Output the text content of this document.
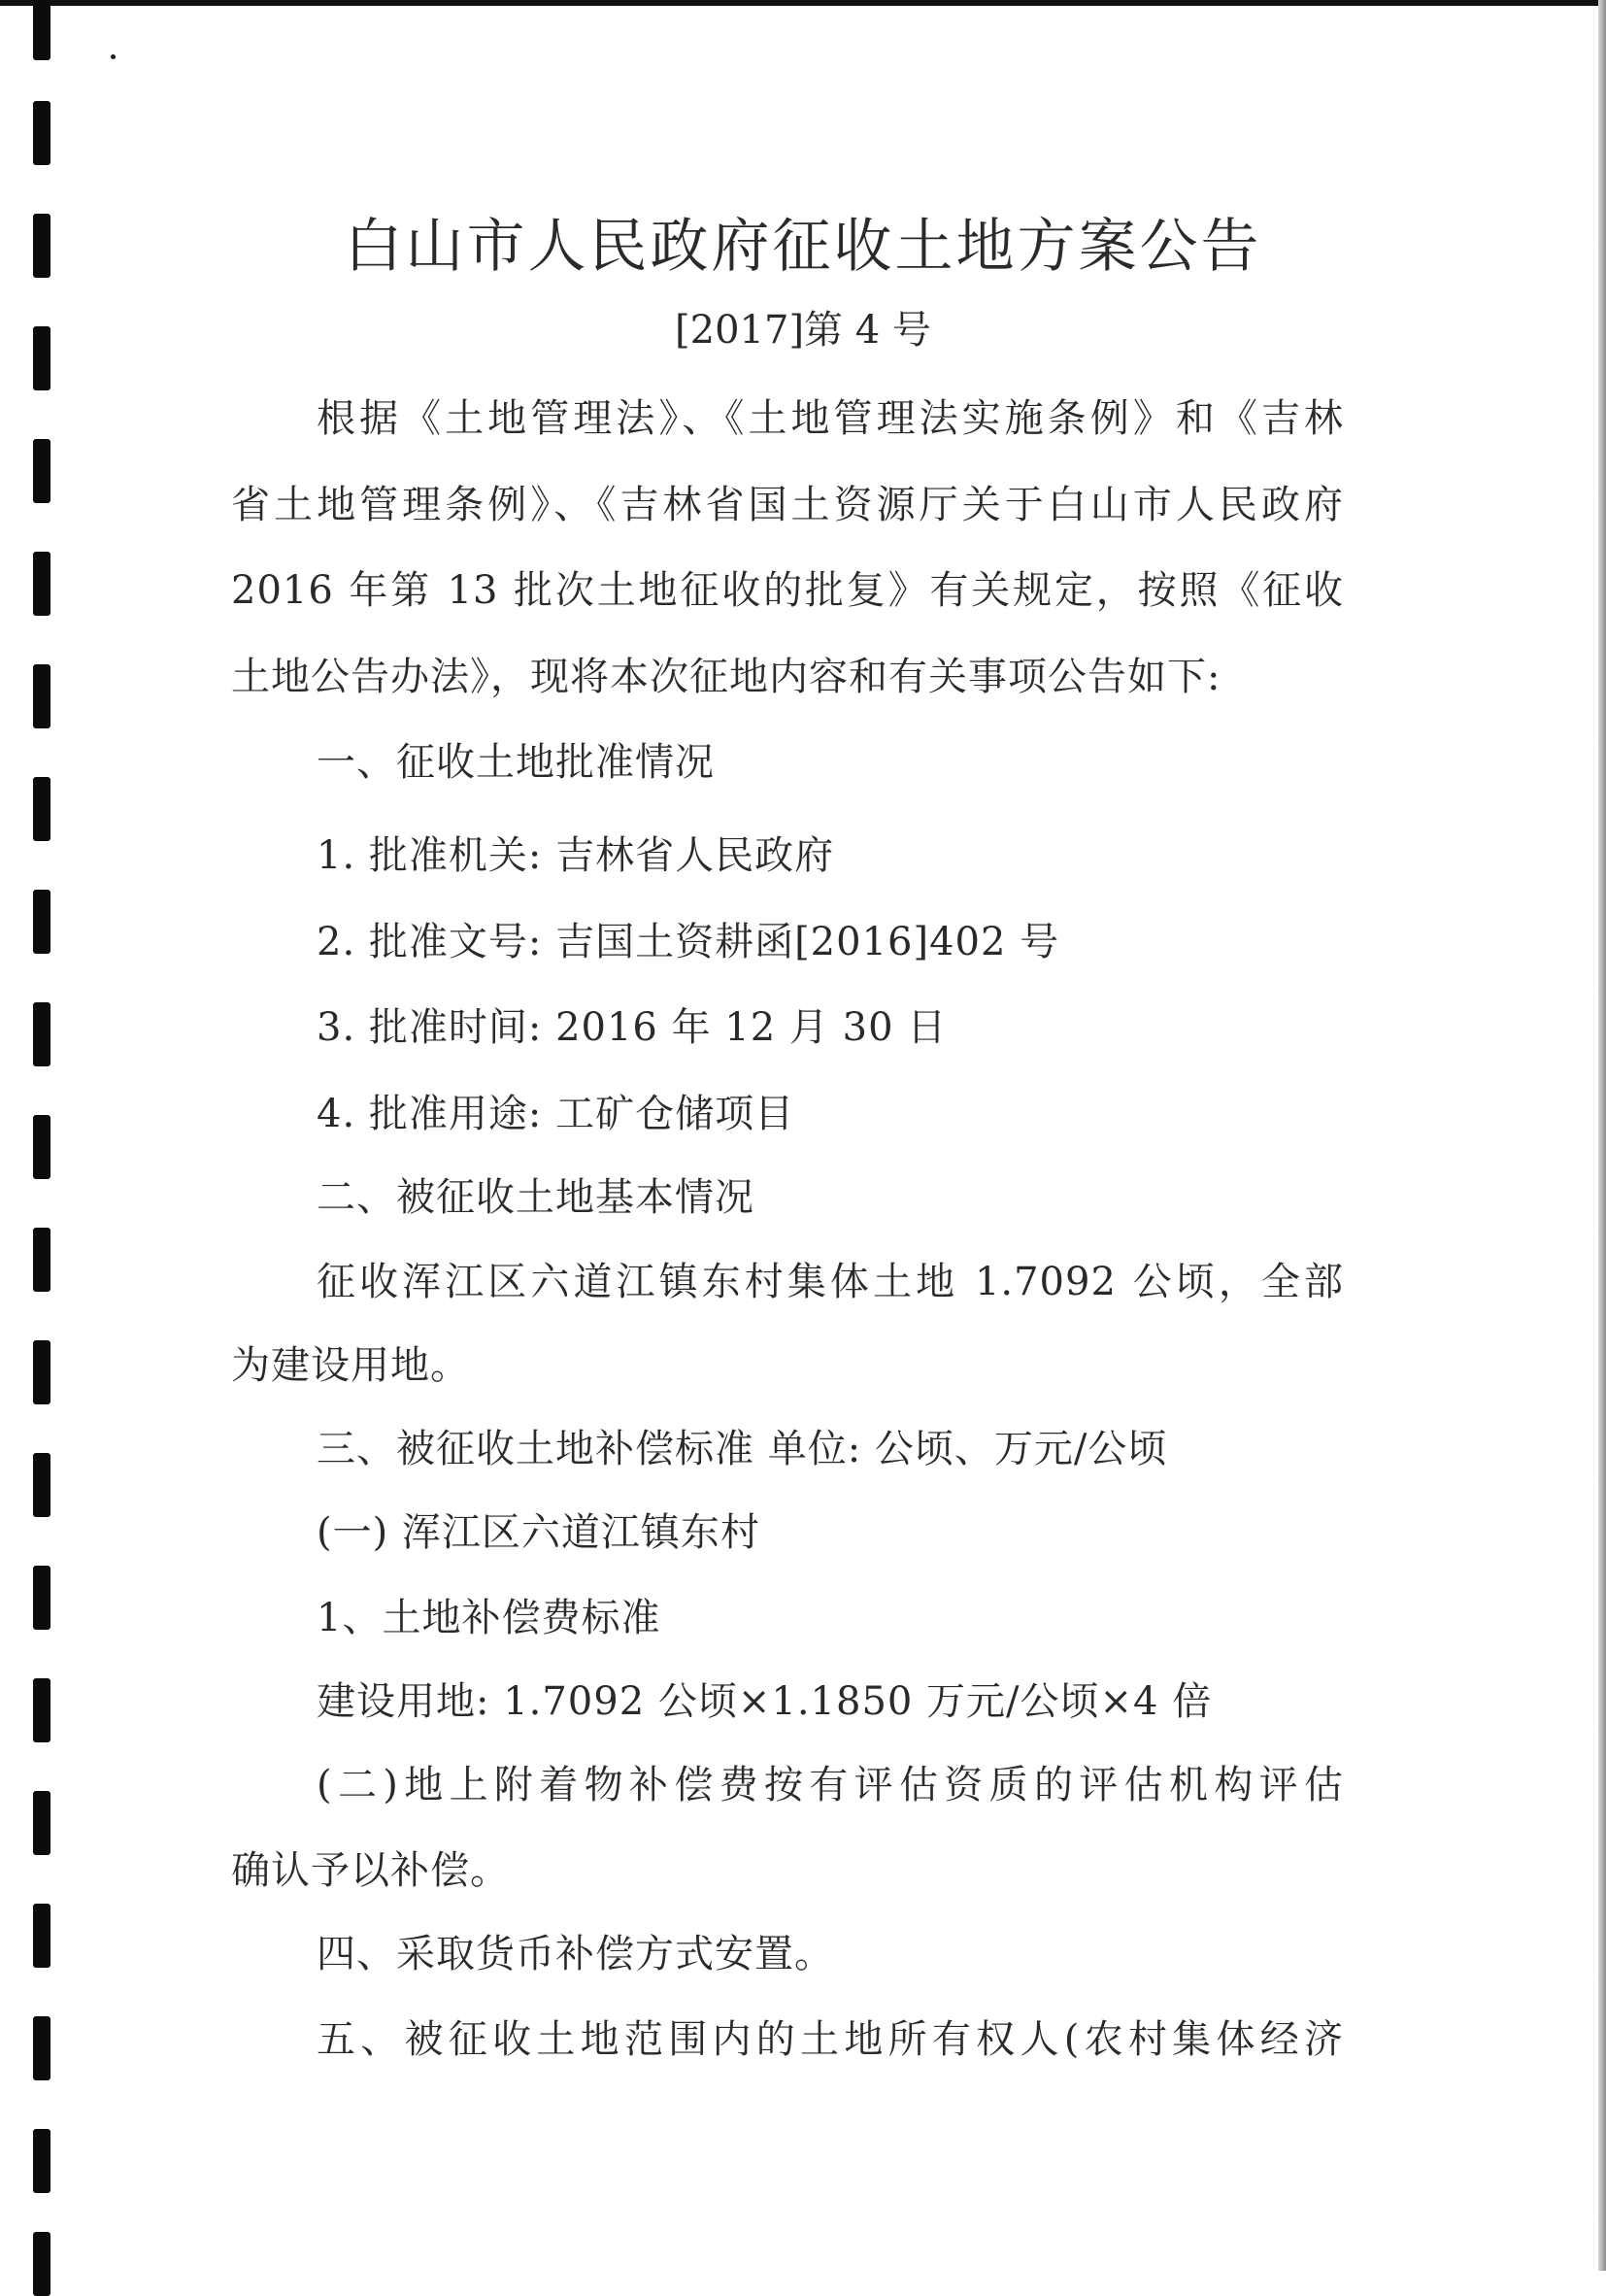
白山市人民政府征收土地方案公告
[2017]第 4 号
根据《土地管理法》、《土地管理法实施条例》和《吉林
省土地管理条例》、《吉林省国土资源厅关于白山市人民政府
2016 年第 13 批次土地征收的批复》有关规定，按照《征收
土地公告办法》，现将本次征地内容和有关事项公告如下:
一、征收土地批准情况
1. 批准机关: 吉林省人民政府
2. 批准文号: 吉国土资耕函[2016]402 号
3. 批准时间: 2016 年 12 月 30 日
4. 批准用途: 工矿仓储项目
二、被征收土地基本情况
征收浑江区六道江镇东村集体土地 1.7092 公顷，全部
为建设用地。
三、被征收土地补偿标准 单位: 公顷、万元/公顷
(一) 浑江区六道江镇东村
1、土地补偿费标准
建设用地: 1.7092 公顷×1.1850 万元/公顷×4 倍
(二)地上附着物补偿费按有评估资质的评估机构评估
确认予以补偿。
四、采取货币补偿方式安置。
五、被征收土地范围内的土地所有权人(农村集体经济
